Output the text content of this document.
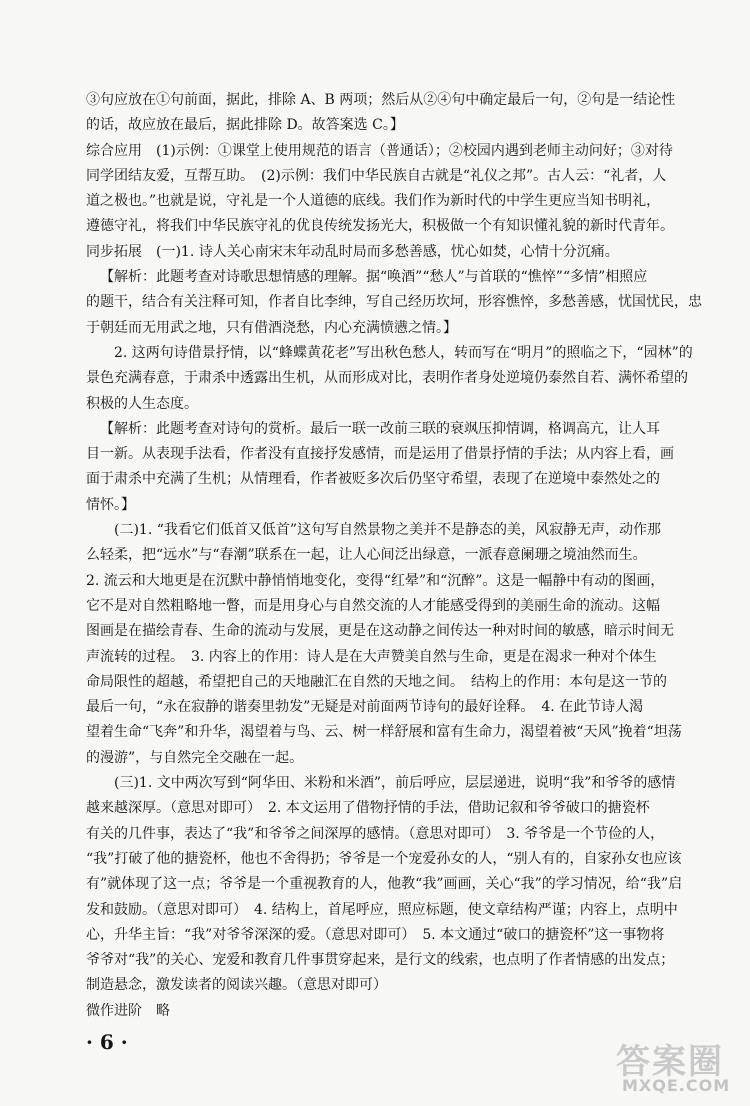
③句应放在①句前面，据此，排除 A、B 两项；然后从②④句中确定最后一句，②句是一结论性

的话，故应放在最后，据此排除 D。故答案选 C。】

综合应用　(1)示例：①课堂上使用规范的语言（普通话）；②校园内遇到老师主动问好；③对待

同学团结友爱，互帮互助。　(2)示例：我们中华民族自古就是“礼仪之邦”。古人云：“礼者，人

道之极也。”也就是说，守礼是一个人道德的底线。我们作为新时代的中学生更应当知书明礼，

遵德守礼，将我们中华民族守礼的优良传统发扬光大，积极做一个有知识懂礼貌的新时代青年。

同步拓展　(一)1. 诗人关心南宋末年动乱时局而多愁善感，忧心如焚，心情十分沉痛。

【解析：此题考查对诗歌思想情感的理解。据“唤酒”“愁人”与首联的“憔悴”“多情”相照应

的题干，结合有关注释可知，作者自比李绅，写自己经历坎坷，形容憔悴，多愁善感，忧国忧民，忠

于朝廷而无用武之地，只有借酒浇愁，内心充满愤懑之情。】

2. 这两句诗借景抒情，以“蜂蝶黄花老”写出秋色愁人，转而写在“明月”的照临之下，“园林”的

景色充满春意，于肃杀中透露出生机，从而形成对比，表明作者身处逆境仍泰然自若、满怀希望的

积极的人生态度。

【解析：此题考查对诗句的赏析。最后一联一改前三联的衰飒压抑情调，格调高亢，让人耳

目一新。从表现手法看，作者没有直接抒发感情，而是运用了借景抒情的手法；从内容上看，画

面于肃杀中充满了生机；从情理看，作者被贬多次后仍坚守希望，表现了在逆境中泰然处之的

情怀。】

(二)1. “我看它们低首又低首”这句写自然景物之美并不是静态的美，风寂静无声，动作那

么轻柔，把“远水”与“春潮”联系在一起，让人心间泛出绿意，一派春意阑珊之境油然而生。

2. 流云和大地更是在沉默中静悄悄地变化，变得“红晕”和“沉醉”。这是一幅静中有动的图画，

它不是对自然粗略地一瞥，而是用身心与自然交流的人才能感受得到的美丽生命的流动。这幅

图画是在描绘青春、生命的流动与发展，更是在这动静之间传达一种对时间的敏感，暗示时间无

声流转的过程。　3. 内容上的作用：诗人是在大声赞美自然与生命，更是在渴求一种对个体生

命局限性的超越，希望把自己的天地融汇在自然的天地之间。　结构上的作用：本句是这一节的

最后一句，“永在寂静的谐奏里勃发”无疑是对前面两节诗句的最好诠释。　4. 在此节诗人渴

望着生命“飞奔”和升华，渴望着与鸟、云、树一样舒展和富有生命力，渴望着被“天风”挽着“坦荡

的漫游”，与自然完全交融在一起。

(三)1. 文中两次写到“阿华田、米粉和米酒”，前后呼应，层层递进，说明“我”和爷爷的感情

越来越深厚。（意思对即可）　2. 本文运用了借物抒情的手法，借助记叙和爷爷破口的搪瓷杯

有关的几件事，表达了“我”和爷爷之间深厚的感情。（意思对即可）　3. 爷爷是一个节俭的人，

“我”打破了他的搪瓷杯，他也不舍得扔；爷爷是一个宠爱孙女的人，“别人有的，自家孙女也应该

有”就体现了这一点；爷爷是一个重视教育的人，他教“我”画画，关心“我”的学习情况，给“我”启

发和鼓励。（意思对即可）　4. 结构上，首尾呼应，照应标题，使文章结构严谨；内容上，点明中

心，升华主旨：“我”对爷爷深深的爱。（意思对即可）　5. 本文通过“破口的搪瓷杯”这一事物将

爷爷对“我”的关心、宠爱和教育几件事贯穿起来，是行文的线索，也点明了作者情感的出发点；

制造悬念，激发读者的阅读兴趣。（意思对即可）

微作进阶　略

· 6 ·	答案圈
MXQE.COM
